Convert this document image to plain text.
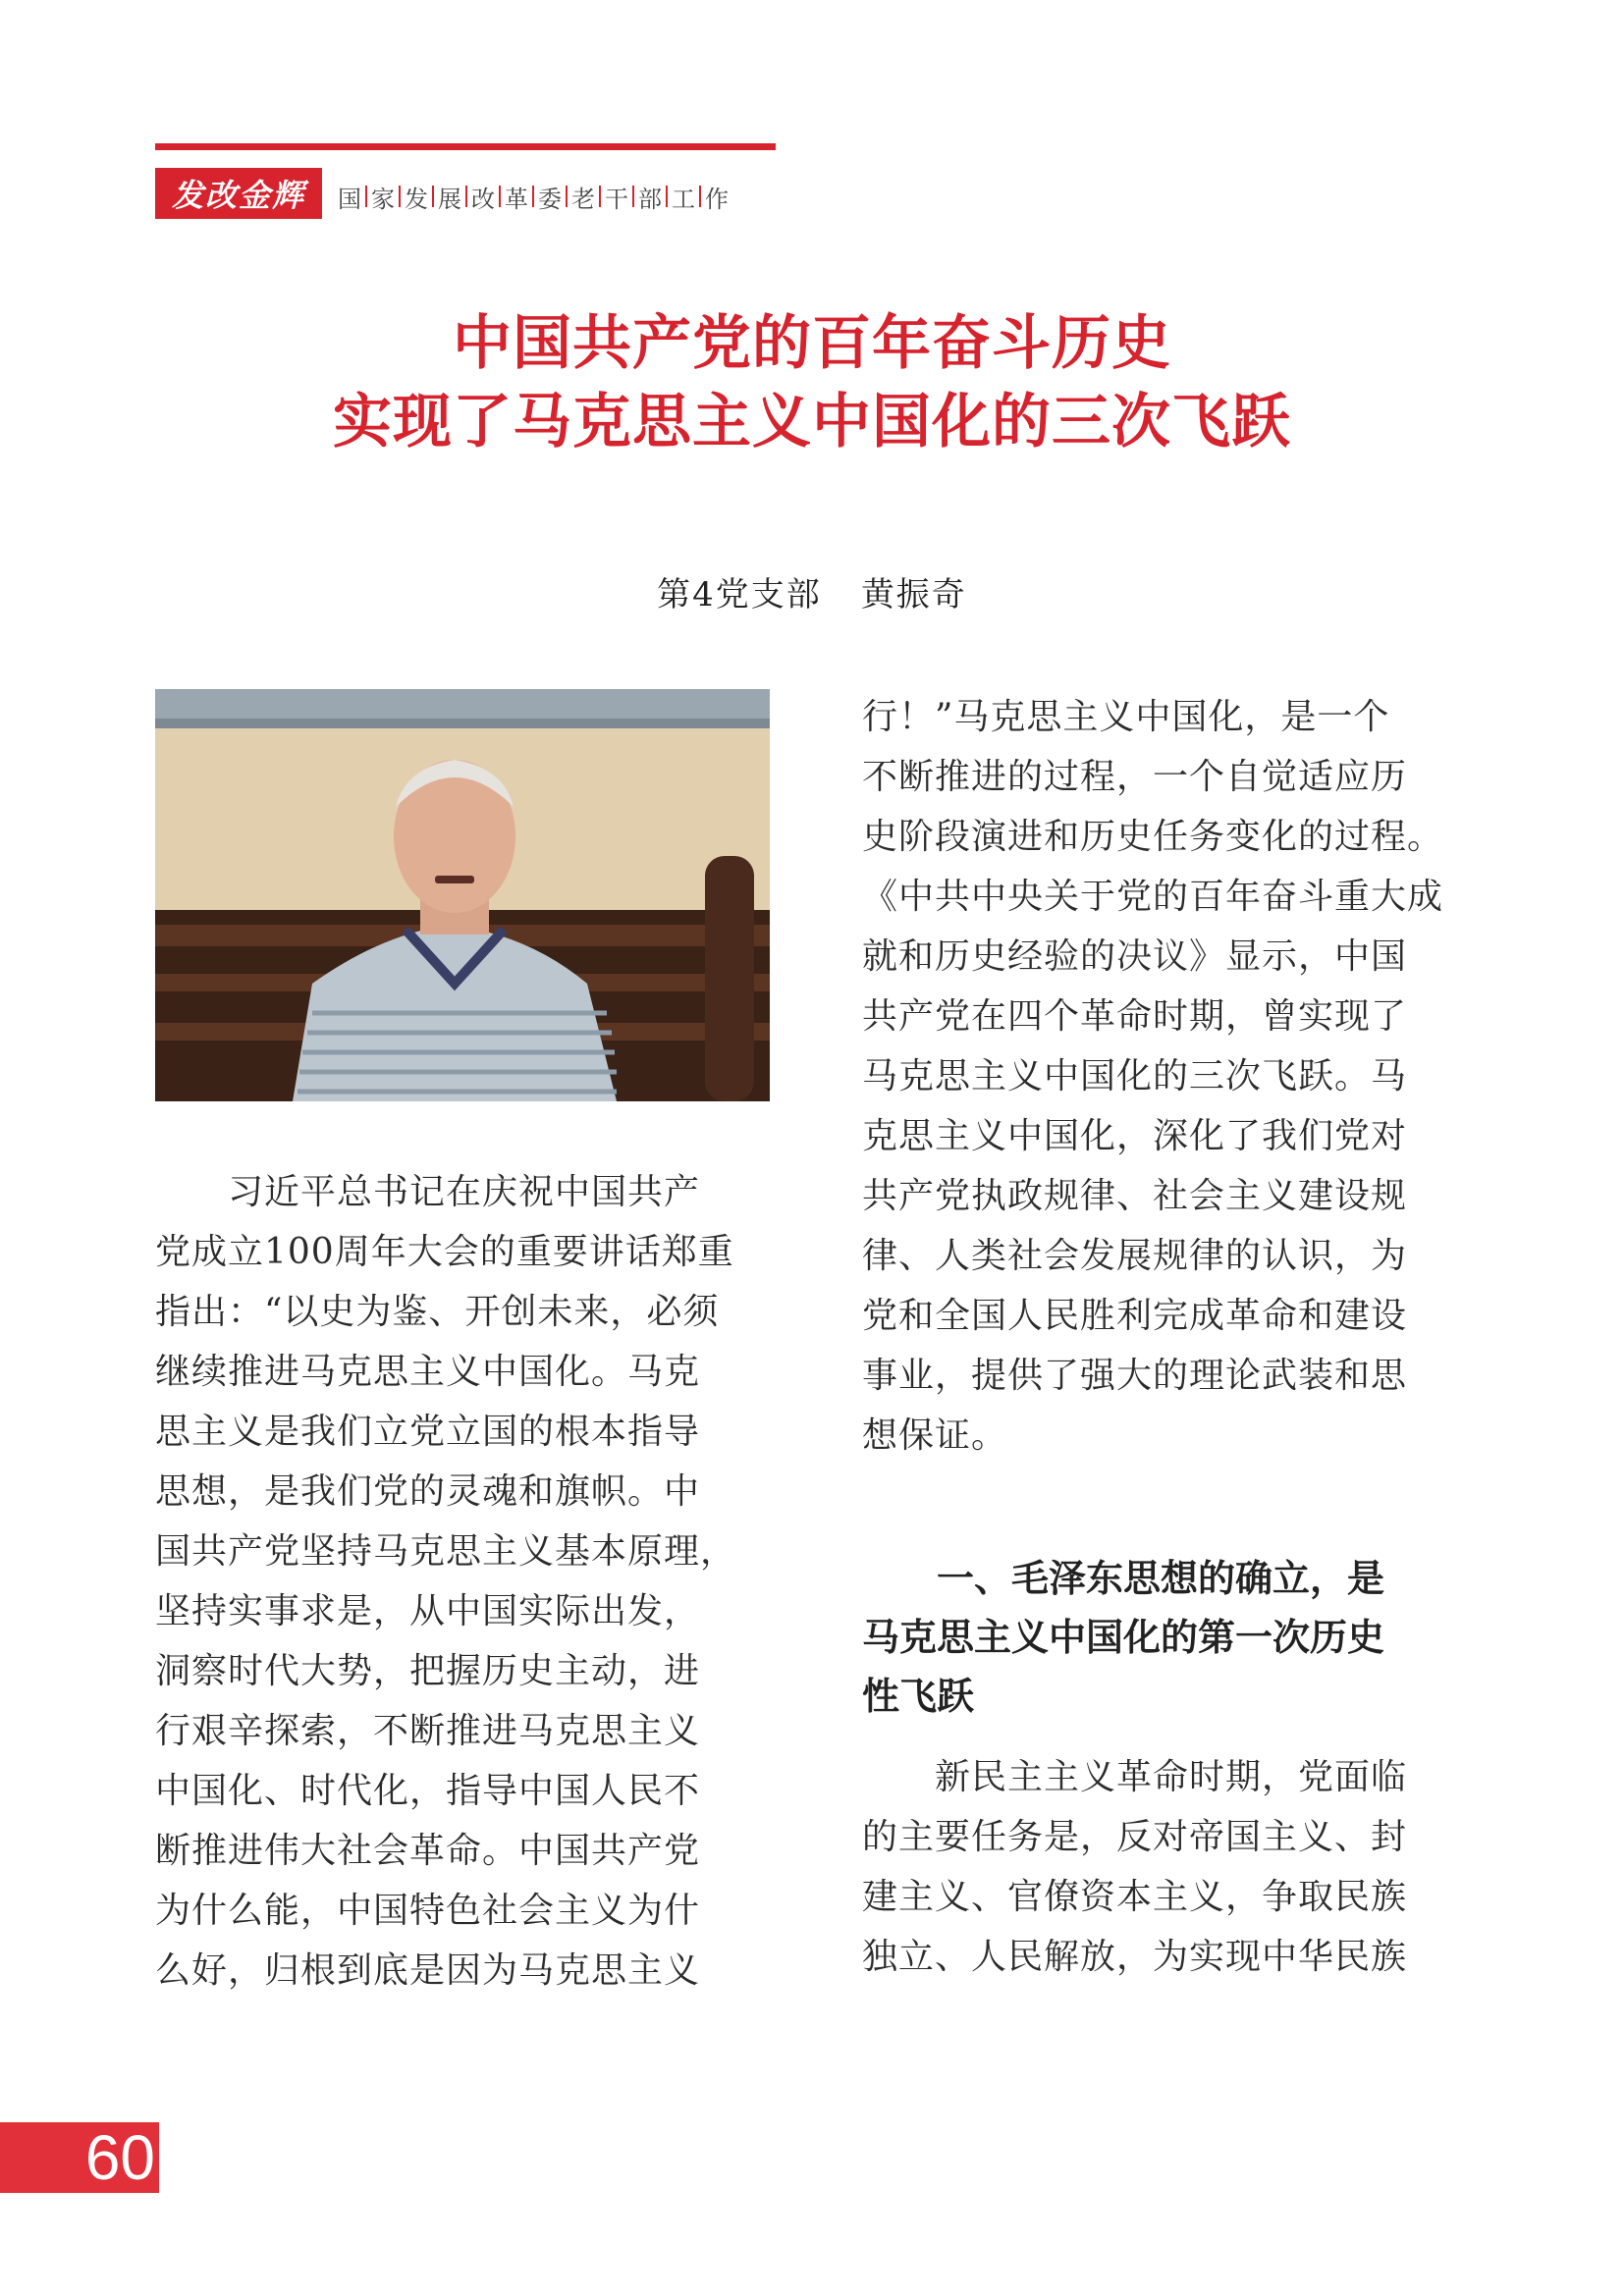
发改金辉	国 家 发 展 改 革 委 老 干 部 工 作
中国共产党的百年奋斗历史
实现了马克思主义中国化的三次飞跃
第4党支部 黄振奇
　　习近平总书记在庆祝中国共产
党成立100周年大会的重要讲话郑重
指出：“以史为鉴、开创未来，必须
继续推进马克思主义中国化。马克
思主义是我们立党立国的根本指导
思想，是我们党的灵魂和旗帜。中
国共产党坚持马克思主义基本原理，
坚持实事求是，从中国实际出发，
洞察时代大势，把握历史主动，进
行艰辛探索，不断推进马克思主义
中国化、时代化，指导中国人民不
断推进伟大社会革命。中国共产党
为什么能，中国特色社会主义为什
么好，归根到底是因为马克思主义
行！”马克思主义中国化，是一个
不断推进的过程，一个自觉适应历
史阶段演进和历史任务变化的过程。
《中共中央关于党的百年奋斗重大成
就和历史经验的决议》显示，中国
共产党在四个革命时期，曾实现了
马克思主义中国化的三次飞跃。马
克思主义中国化，深化了我们党对
共产党执政规律、社会主义建设规
律、人类社会发展规律的认识，为
党和全国人民胜利完成革命和建设
事业，提供了强大的理论武装和思
想保证。
　　一、毛泽东思想的确立，是
马克思主义中国化的第一次历史
性飞跃
　　新民主主义革命时期，党面临
的主要任务是，反对帝国主义、封
建主义、官僚资本主义，争取民族
独立、人民解放，为实现中华民族
60
